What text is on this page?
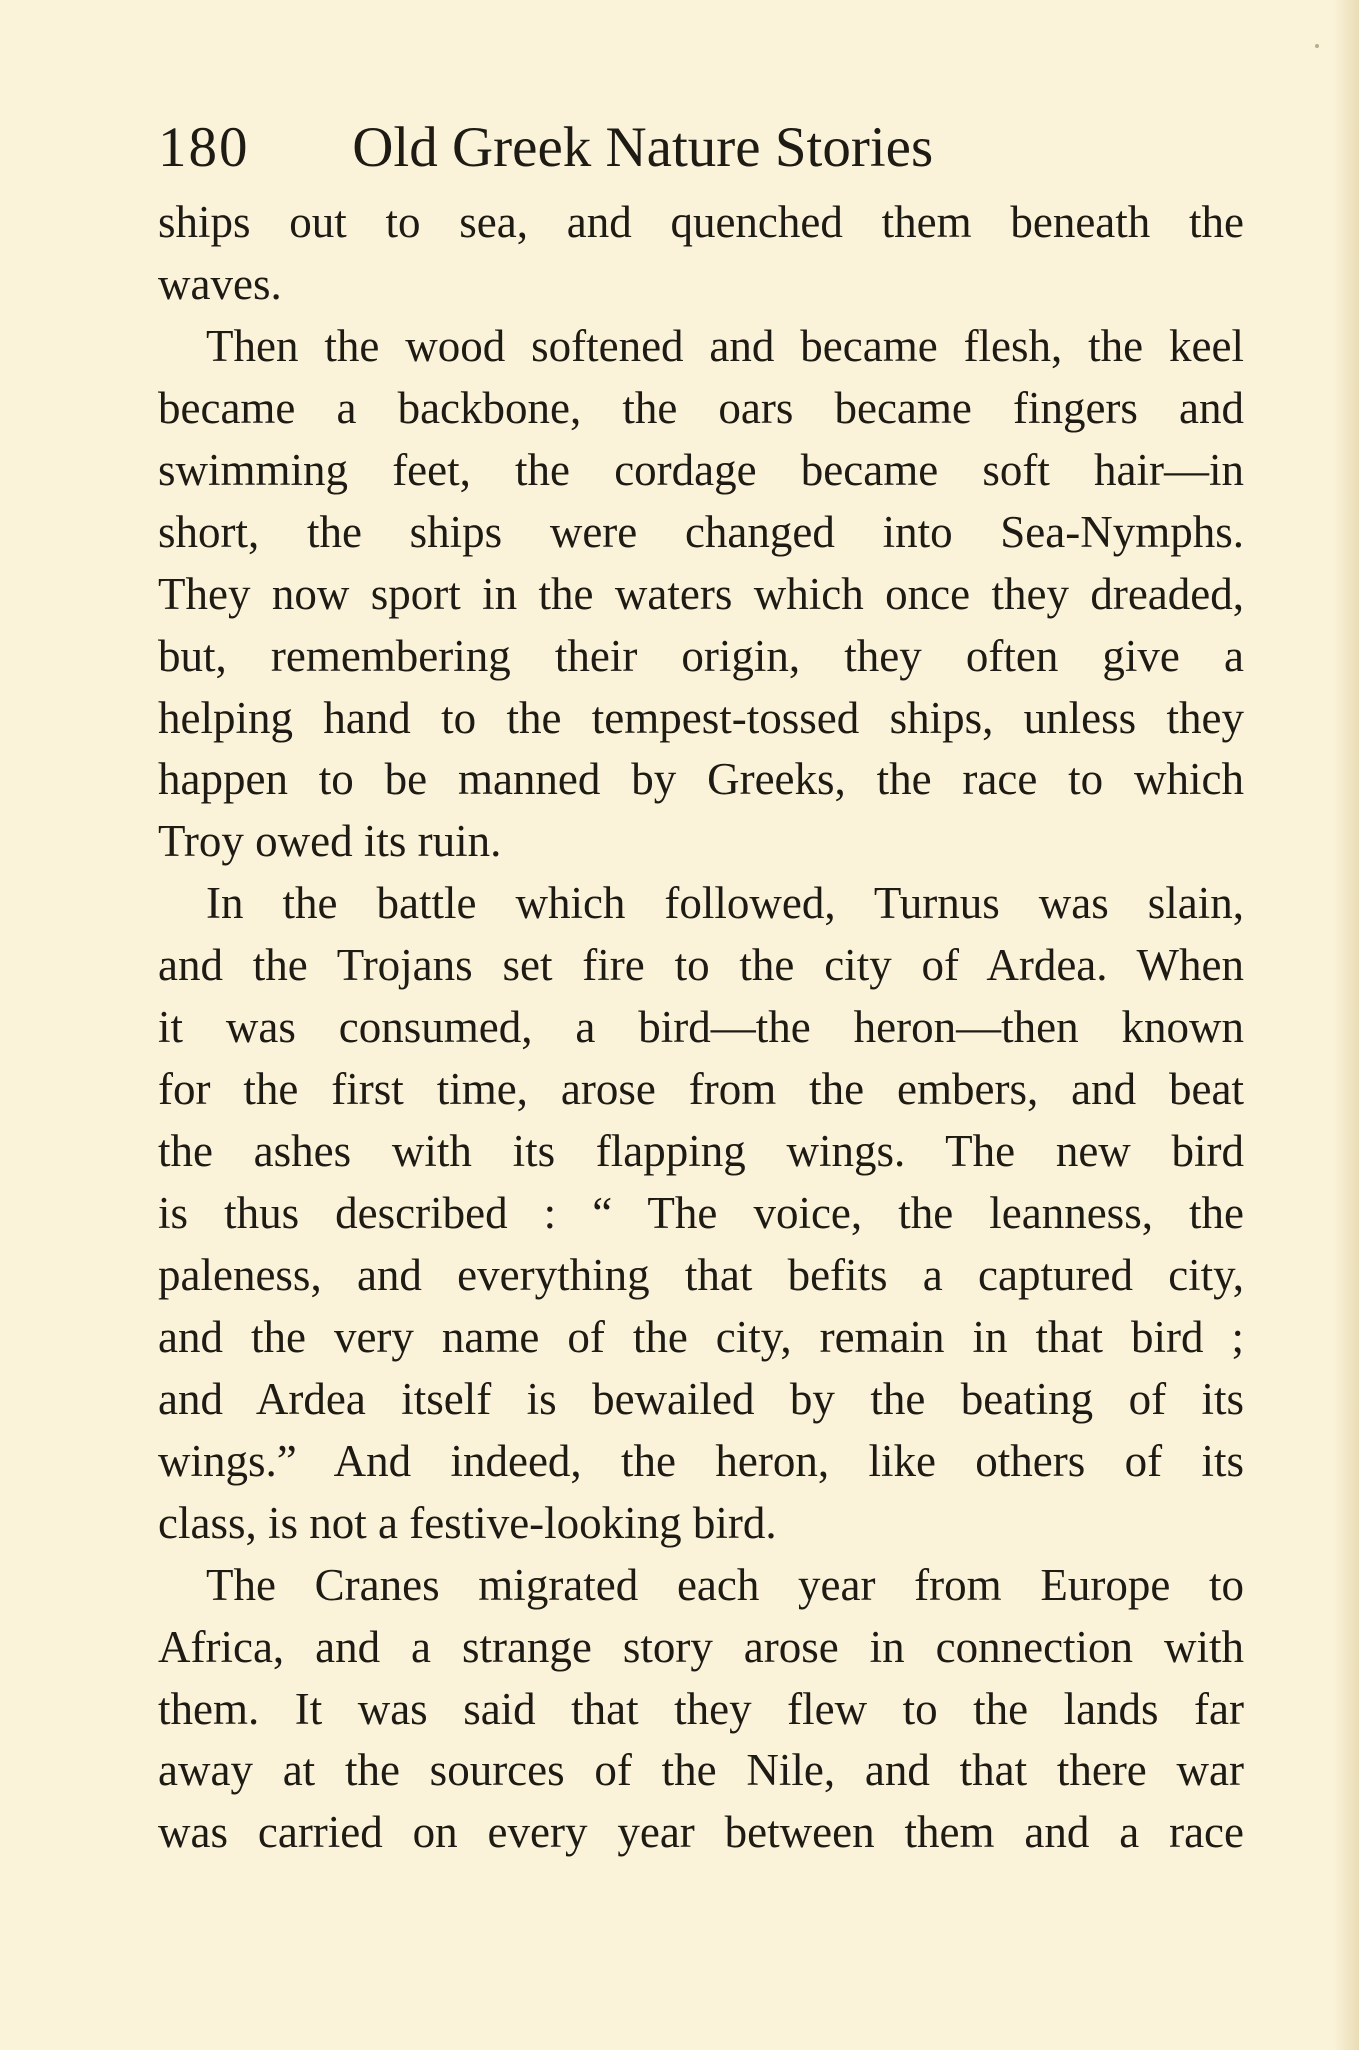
180 Old Greek Nature Stories
ships out to sea, and quenched them beneath the
waves.
Then the wood softened and became flesh, the keel
became a backbone, the oars became fingers and
swimming feet, the cordage became soft hair—in
short, the ships were changed into Sea-Nymphs.
They now sport in the waters which once they dreaded,
but, remembering their origin, they often give a
helping hand to the tempest-tossed ships, unless they
happen to be manned by Greeks, the race to which
Troy owed its ruin.
In the battle which followed, Turnus was slain,
and the Trojans set fire to the city of Ardea. When
it was consumed, a bird—the heron—then known
for the first time, arose from the embers, and beat
the ashes with its flapping wings. The new bird
is thus described : “ The voice, the leanness, the
paleness, and everything that befits a captured city,
and the very name of the city, remain in that bird ;
and Ardea itself is bewailed by the beating of its
wings.” And indeed, the heron, like others of its
class, is not a festive-looking bird.
The Cranes migrated each year from Europe to
Africa, and a strange story arose in connection with
them. It was said that they flew to the lands far
away at the sources of the Nile, and that there war
was carried on every year between them and a race
